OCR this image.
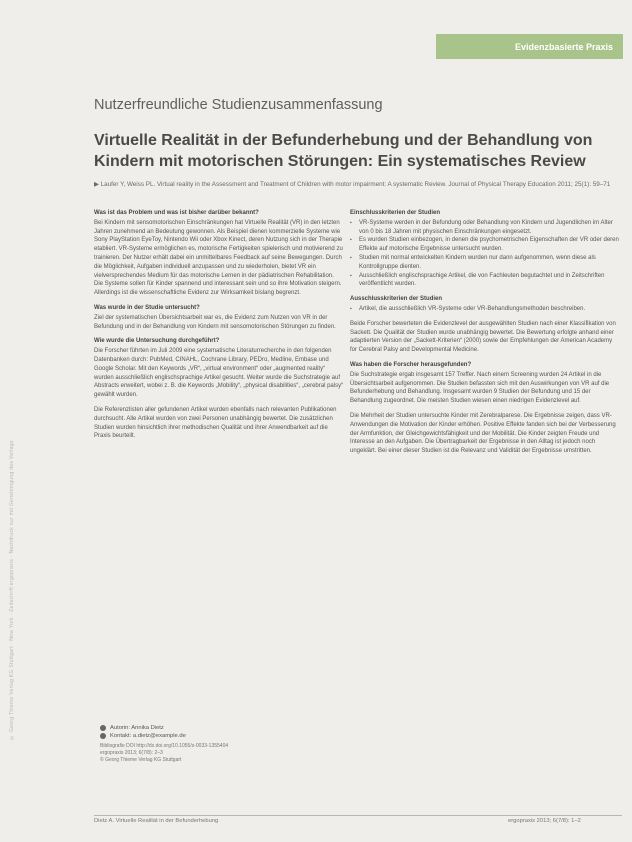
Evidenzbasierte Praxis
© Georg Thieme Verlag KG Stuttgart · New York · Zeitschrift ergopraxis · Nachdruck nur mit Genehmigung des Verlags
Nutzerfreundliche Studienzusammenfassung
Virtuelle Realität in der Befunderhebung und der Behandlung von Kindern mit motorischen Störungen: Ein systematisches Review
▶ Laufer Y, Weiss PL. Virtual reality in the Assessment and Treatment of Children with motor impairment: A systematic Review. Journal of Physical Therapy Education 2011; 25(1): 59–71
Was ist das Problem und was ist bisher darüber bekannt?
Bei Kindern mit sensomotorischen Einschränkungen hat Virtuelle Realität (VR) in den letzten Jahren zunehmend an Bedeutung gewonnen. Als Beispiel dienen kommerzielle Systeme wie Sony PlayStation EyeToy, Nintendo Wii oder Xbox Kinect, deren Nutzung sich in der Therapie etabliert. VR-Systeme ermöglichen es, motorische Fertigkeiten spielerisch und motivierend zu trainieren. Der Nutzer erhält dabei ein unmittelbares Feedback auf seine Bewegungen. Durch die Möglichkeit, Aufgaben individuell anzupassen und zu wiederholen, bietet VR ein vielversprechendes Medium für das motorische Lernen in der pädiatrischen Rehabilitation. Die Systeme sollen für Kinder spannend und interessant sein und so ihre Motivation steigern. Allerdings ist die wissenschaftliche Evidenz zur Wirksamkeit bislang begrenzt.
Was wurde in der Studie untersucht?
Ziel der systematischen Übersichtsarbeit war es, die Evidenz zum Nutzen von VR in der Befundung und in der Behandlung von Kindern mit sensomotorischen Störungen zu finden.
Wie wurde die Untersuchung durchgeführt?
Die Forscher führten im Juli 2009 eine systematische Literaturrecherche in den folgenden Datenbanken durch: PubMed, CINAHL, Cochrane Library, PEDro, Medline, Embase und Google Scholar. Mit den Keywords „VR“, „virtual environment“ oder „augmented reality“ wurden ausschließlich englischsprachige Artikel gesucht. Weiter wurde die Suchstrategie auf Abstracts erweitert, wobei z. B. die Keywords „Mobility“, „physical disabilities“, „cerebral palsy“ gewählt wurden.
Die Referenzlisten aller gefundenen Artikel wurden ebenfalls nach relevanten Publikationen durchsucht. Alle Artikel wurden von zwei Personen unabhängig bewertet. Die zusätzlichen Studien wurden hinsichtlich ihrer methodischen Qualität und ihrer Anwendbarkeit auf die Praxis beurteilt.
Autorin: Annika Dietz
Kontakt: a.dietz@example.de
Bibliografie DOI http://dx.doi.org/10.1055/s-0033-1355404
ergopraxis 2013; 6(7/8): 2–3
© Georg Thieme Verlag KG Stuttgart
Einschlusskriterien der Studien
▪ VR-Systeme werden in der Befundung oder Behandlung von Kindern und Jugendlichen im Alter von 0 bis 18 Jahren mit physischen Einschränkungen eingesetzt.
▪ Es wurden Studien einbezogen, in denen die psychometrischen Eigenschaften der VR oder deren Effekte auf motorische Ergebnisse untersucht wurden.
▪ Studien mit normal entwickelten Kindern wurden nur dann aufgenommen, wenn diese als Kontrollgruppe dienten.
▪ Ausschließlich englischsprachige Artikel, die von Fachleuten begutachtet und in Zeitschriften veröffentlicht wurden.
Ausschlusskriterien der Studien
▪ Artikel, die ausschließlich VR-Systeme oder VR-Behandlungsmethoden beschreiben.
Beide Forscher bewerteten die Evidenzlevel der ausgewählten Studien nach einer Klassifikation von Sackett. Die Qualität der Studien wurde unabhängig bewertet. Die Bewertung erfolgte anhand einer adaptierten Version der „Sackett-Kriterien“ (2000) sowie der Empfehlungen der American Academy for Cerebral Palsy and Developmental Medicine.
Was haben die Forscher herausgefunden?
Die Suchstrategie ergab insgesamt 157 Treffer. Nach einem Screening wurden 24 Artikel in die Übersichtsarbeit aufgenommen. Die Studien befassten sich mit den Auswirkungen von VR auf die Befunderhebung und Behandlung. Insgesamt wurden 9 Studien der Befundung und 15 der Behandlung zugeordnet. Die meisten Studien wiesen einen niedrigen Evidenzlevel auf.
Die Mehrheit der Studien untersuchte Kinder mit Zerebralparese. Die Ergebnisse zeigen, dass VR-Anwendungen die Motivation der Kinder erhöhen. Positive Effekte fanden sich bei der Verbesserung der Armfunktion, der Gleichgewichtsfähigkeit und der Mobilität. Die Kinder zeigten Freude und Interesse an den Aufgaben. Die Übertragbarkeit der Ergebnisse in den Alltag ist jedoch noch ungeklärt. Bei einer dieser Studien ist die Relevanz und Validität der Ergebnisse umstritten.
Dietz A. Virtuelle Realität in der Befunderhebung	ergopraxis 2013; 6(7/8): 1–2
